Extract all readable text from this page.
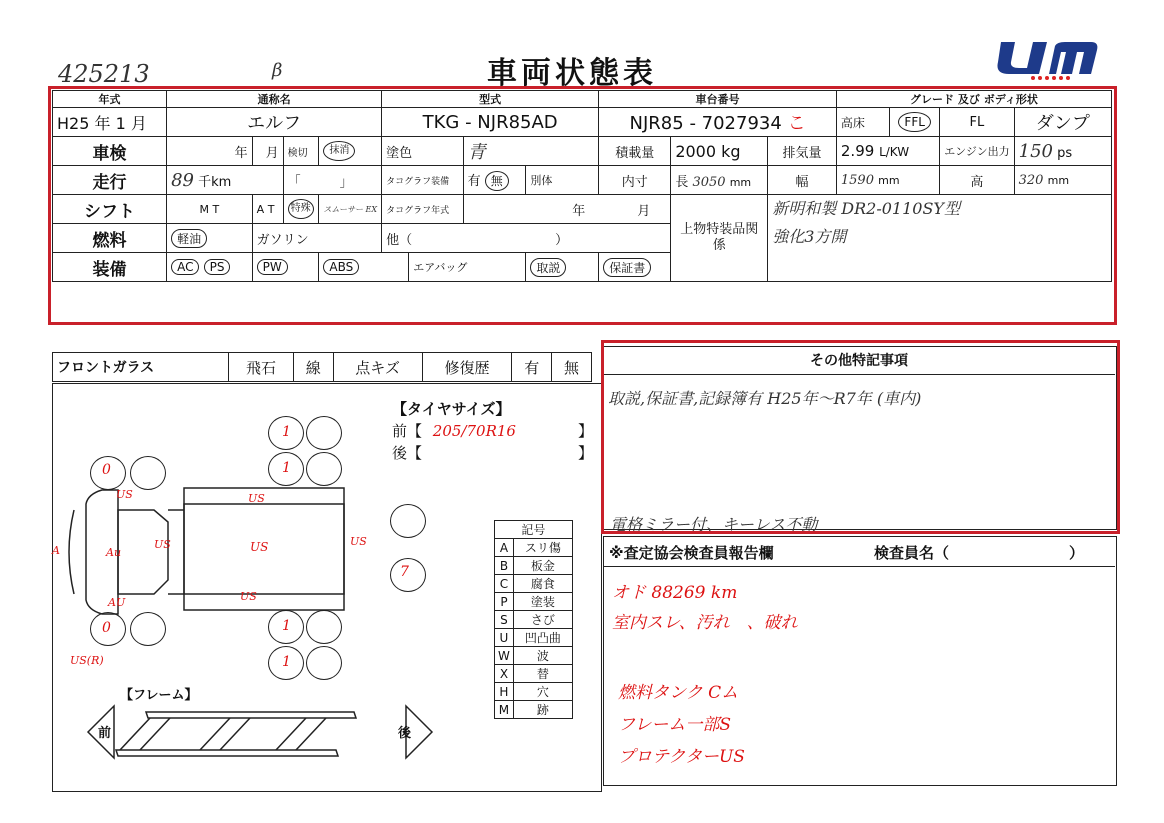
425213	β	車両状態表	UM
年式	通称名				型式				車台番号			グレード 及び ボディ形状			
H25 年 1 月	エルフ				TKG - NJR85AD				NJR85 - 7027934 こ			高床	FFL	FL	ダンプ
車検	年	月	検切	抹消	塗色		青		積載量	2000 kg	排気量	2.99 L/KW		エンジン出力	150 ps
走行	89 千km		「　　　」		タコグラフ装備		有 無	別体	内寸	長 3050 mm	幅	1590 mm		高	320 mm
シフト	M T	A T	特殊	スムーサー EX	タコグラフ年式		年　　　　 月			上物特装品関係	新明和製 DR2-0110SY型
強化3方開				

燃料	軽油	ガソリン			他（　　　　　　　　　　　）										
装備	AC PS	PW		ABS		エアバッグ		取説	保証書						
フロントガラス	飛石	線	点キズ	修復歴	有	無
【タイヤサイズ】
前【 205/70R16	】
後【	】
US	US
US
US
US
US
AU
US(R)
A	Au
1
1
1
1
7
0
0
【フレーム】
前	後
記号	
A	スリ傷
B	板金
C	腐食
P	塗装
S	さび
U	凹凸曲
W	波
X	替
H	穴
M	跡
その他特記事項
取説,保証書,記録簿有 H25年～R7年 (車内)
電格ミラー付、キーレス不動
※査定協会検査員報告欄	検査員名（　　　　　　　　）
オド 88269 km
室内スレ、汚れ　、破れ
燃料タンク Cム
フレーム一部S
プロテクターUS
